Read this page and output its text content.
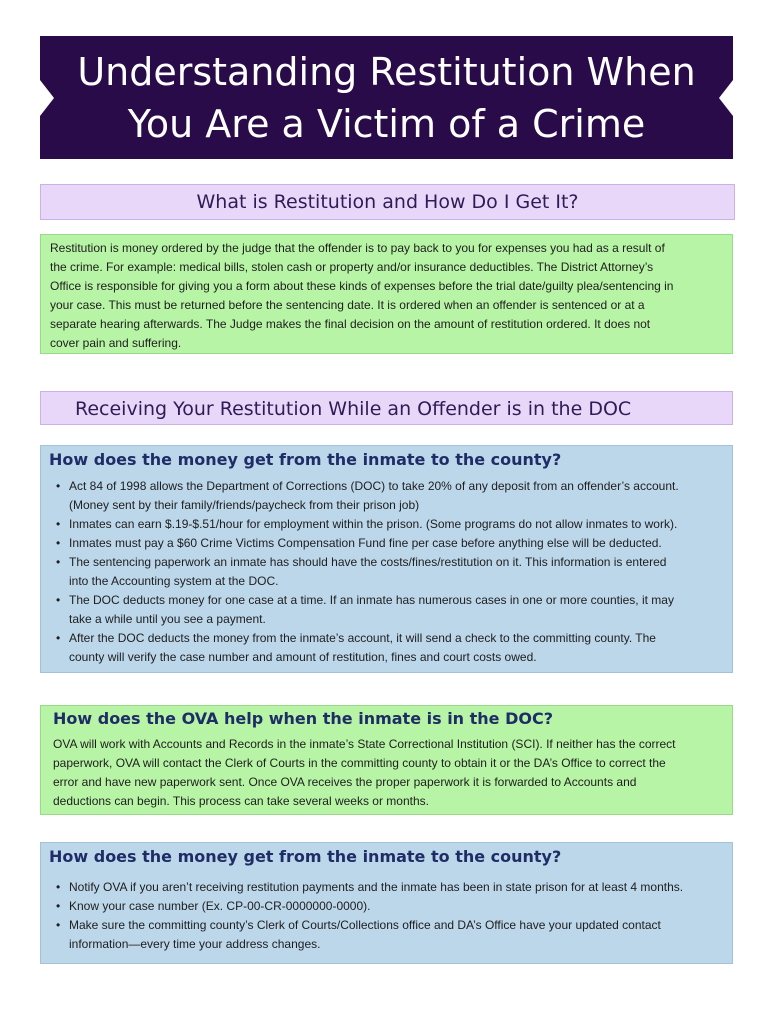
Understanding Restitution When
You Are a Victim of a Crime
What is Restitution and How Do I Get It?
Restitution is money ordered by the judge that the offender is to pay back to you for expenses you had as a result of
the crime. For example: medical bills, stolen cash or property and/or insurance deductibles. The District Attorney’s
Office is responsible for giving you a form about these kinds of expenses before the trial date/guilty plea/sentencing in
your case. This must be returned before the sentencing date. It is ordered when an offender is sentenced or at a
separate hearing afterwards. The Judge makes the final decision on the amount of restitution ordered. It does not
cover pain and suffering.
Receiving Your Restitution While an Offender is in the DOC
How does the money get from the inmate to the county?
• Act 84 of 1998 allows the Department of Corrections (DOC) to take 20% of any deposit from an offender’s account.
(Money sent by their family/friends/paycheck from their prison job)
• Inmates can earn $.19-$.51/hour for employment within the prison. (Some programs do not allow inmates to work).
• Inmates must pay a $60 Crime Victims Compensation Fund fine per case before anything else will be deducted.
• The sentencing paperwork an inmate has should have the costs/fines/restitution on it. This information is entered
into the Accounting system at the DOC.
• The DOC deducts money for one case at a time. If an inmate has numerous cases in one or more counties, it may
take a while until you see a payment.
• After the DOC deducts the money from the inmate’s account, it will send a check to the committing county. The
county will verify the case number and amount of restitution, fines and court costs owed.
How does the OVA help when the inmate is in the DOC?
OVA will work with Accounts and Records in the inmate’s State Correctional Institution (SCI). If neither has the correct
paperwork, OVA will contact the Clerk of Courts in the committing county to obtain it or the DA’s Office to correct the
error and have new paperwork sent. Once OVA receives the proper paperwork it is forwarded to Accounts and
deductions can begin. This process can take several weeks or months.
How does the money get from the inmate to the county?
• Notify OVA if you aren’t receiving restitution payments and the inmate has been in state prison for at least 4 months.
• Know your case number (Ex. CP-00-CR-0000000-0000).
• Make sure the committing county’s Clerk of Courts/Collections office and DA’s Office have your updated contact
information—every time your address changes.
